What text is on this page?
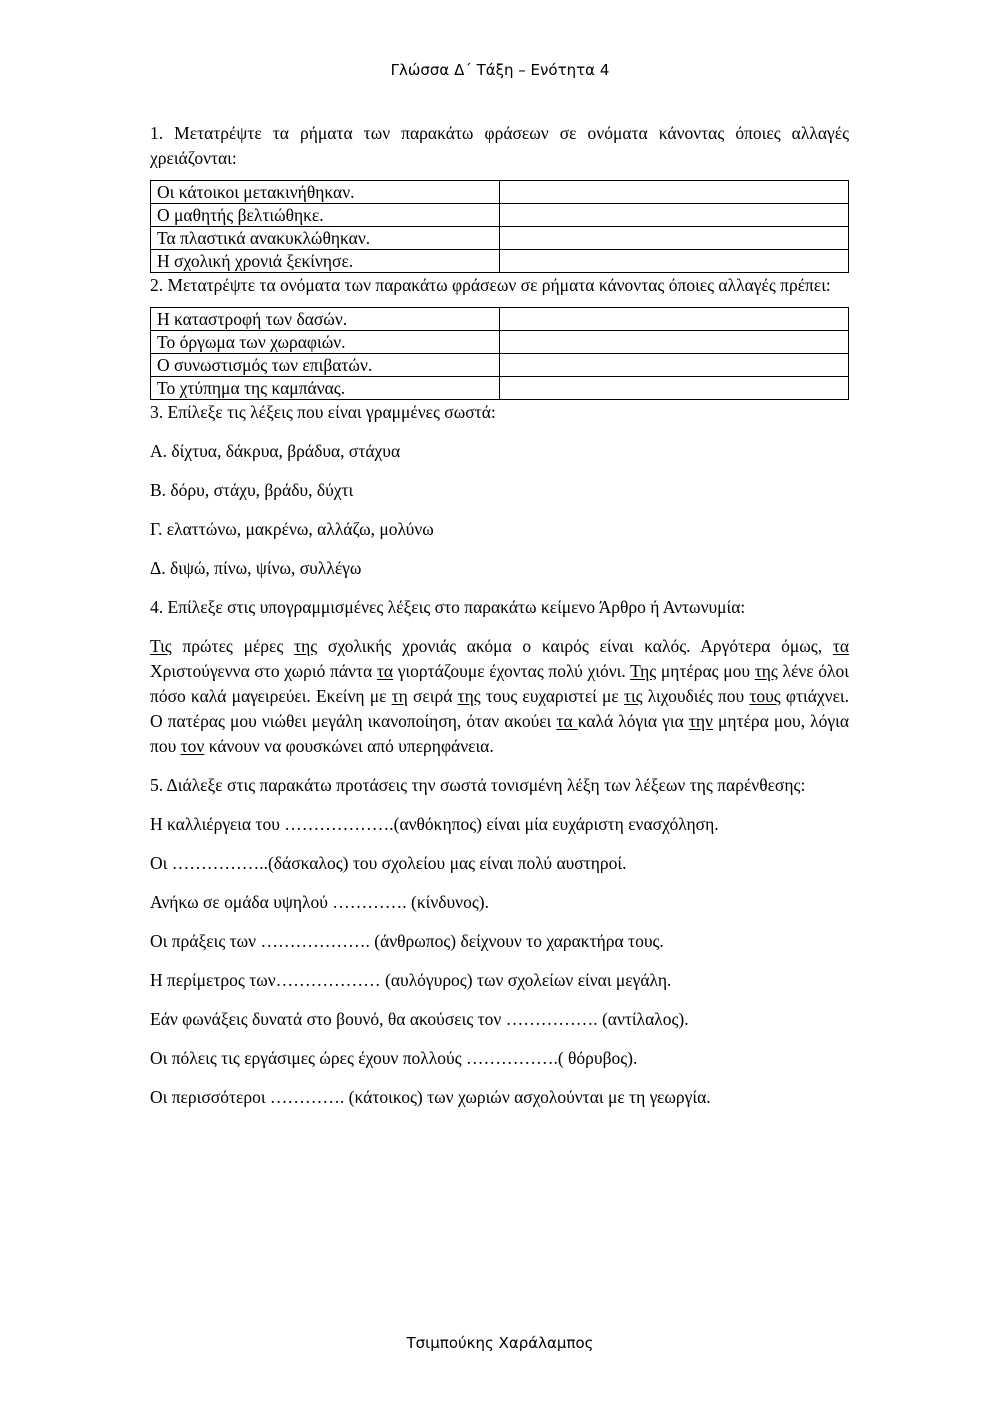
Γλώσσα Δ΄ Τάξη – Ενότητα 4

1. Μετατρέψτε τα ρήματα των παρακάτω φράσεων σε ονόματα κάνοντας όποιες αλλαγές χρειάζονται:

Οι κάτοικοι μετακινήθηκαν.	
Ο μαθητής βελτιώθηκε.	
Τα πλαστικά ανακυκλώθηκαν.	
Η σχολική χρονιά ξεκίνησε.	

2. Μετατρέψτε τα ονόματα των παρακάτω φράσεων σε ρήματα κάνοντας όποιες αλλαγές πρέπει:

Η καταστροφή των δασών.	
Το όργωμα των χωραφιών.	
Ο συνωστισμός των επιβατών.	
Το χτύπημα της καμπάνας.	

3. Επίλεξε τις λέξεις που είναι γραμμένες σωστά:

Α. δίχτυα, δάκρυα, βράδυα, στάχυα

Β. δόρυ, στάχυ, βράδυ, δύχτι

Γ. ελαττώνω, μακρένω, αλλάζω, μολύνω

Δ. διψώ, πίνω, ψίνω, συλλέγω

4. Επίλεξε στις υπογραμμισμένες λέξεις στο παρακάτω κείμενο Άρθρο ή Αντωνυμία:

Τις πρώτες μέρες της σχολικής χρονιάς ακόμα ο καιρός είναι καλός. Αργότερα όμως, τα Χριστούγεννα στο χωριό πάντα τα γιορτάζουμε έχοντας πολύ χιόνι. Της μητέρας μου της λένε όλοι πόσο καλά μαγειρεύει. Εκείνη με τη σειρά της τους ευχαριστεί με τις λιχουδιές που τους φτιάχνει. Ο πατέρας μου νιώθει μεγάλη ικανοποίηση, όταν ακούει τα καλά λόγια για την μητέρα μου, λόγια που τον κάνουν να φουσκώνει από υπερηφάνεια.

5. Διάλεξε στις παρακάτω προτάσεις την σωστά τονισμένη λέξη των λέξεων της παρένθεσης:

Η καλλιέργεια του ……………….(ανθόκηπος) είναι μία ευχάριστη ενασχόληση.

Οι ……………..(δάσκαλος) του σχολείου μας είναι πολύ αυστηροί.

Ανήκω σε ομάδα υψηλού …………. (κίνδυνος).

Οι πράξεις των ………………. (άνθρωπος) δείχνουν το χαρακτήρα τους.

Η περίμετρος των……………… (αυλόγυρος) των σχολείων είναι μεγάλη.

Εάν φωνάξεις δυνατά στο βουνό, θα ακούσεις τον ……………. (αντίλαλος).

Οι πόλεις τις εργάσιμες ώρες έχουν πολλούς …………….( θόρυβος).

Οι περισσότεροι …………. (κάτοικος) των χωριών ασχολούνται με τη γεωργία.

Τσιμπούκης Χαράλαμπος
